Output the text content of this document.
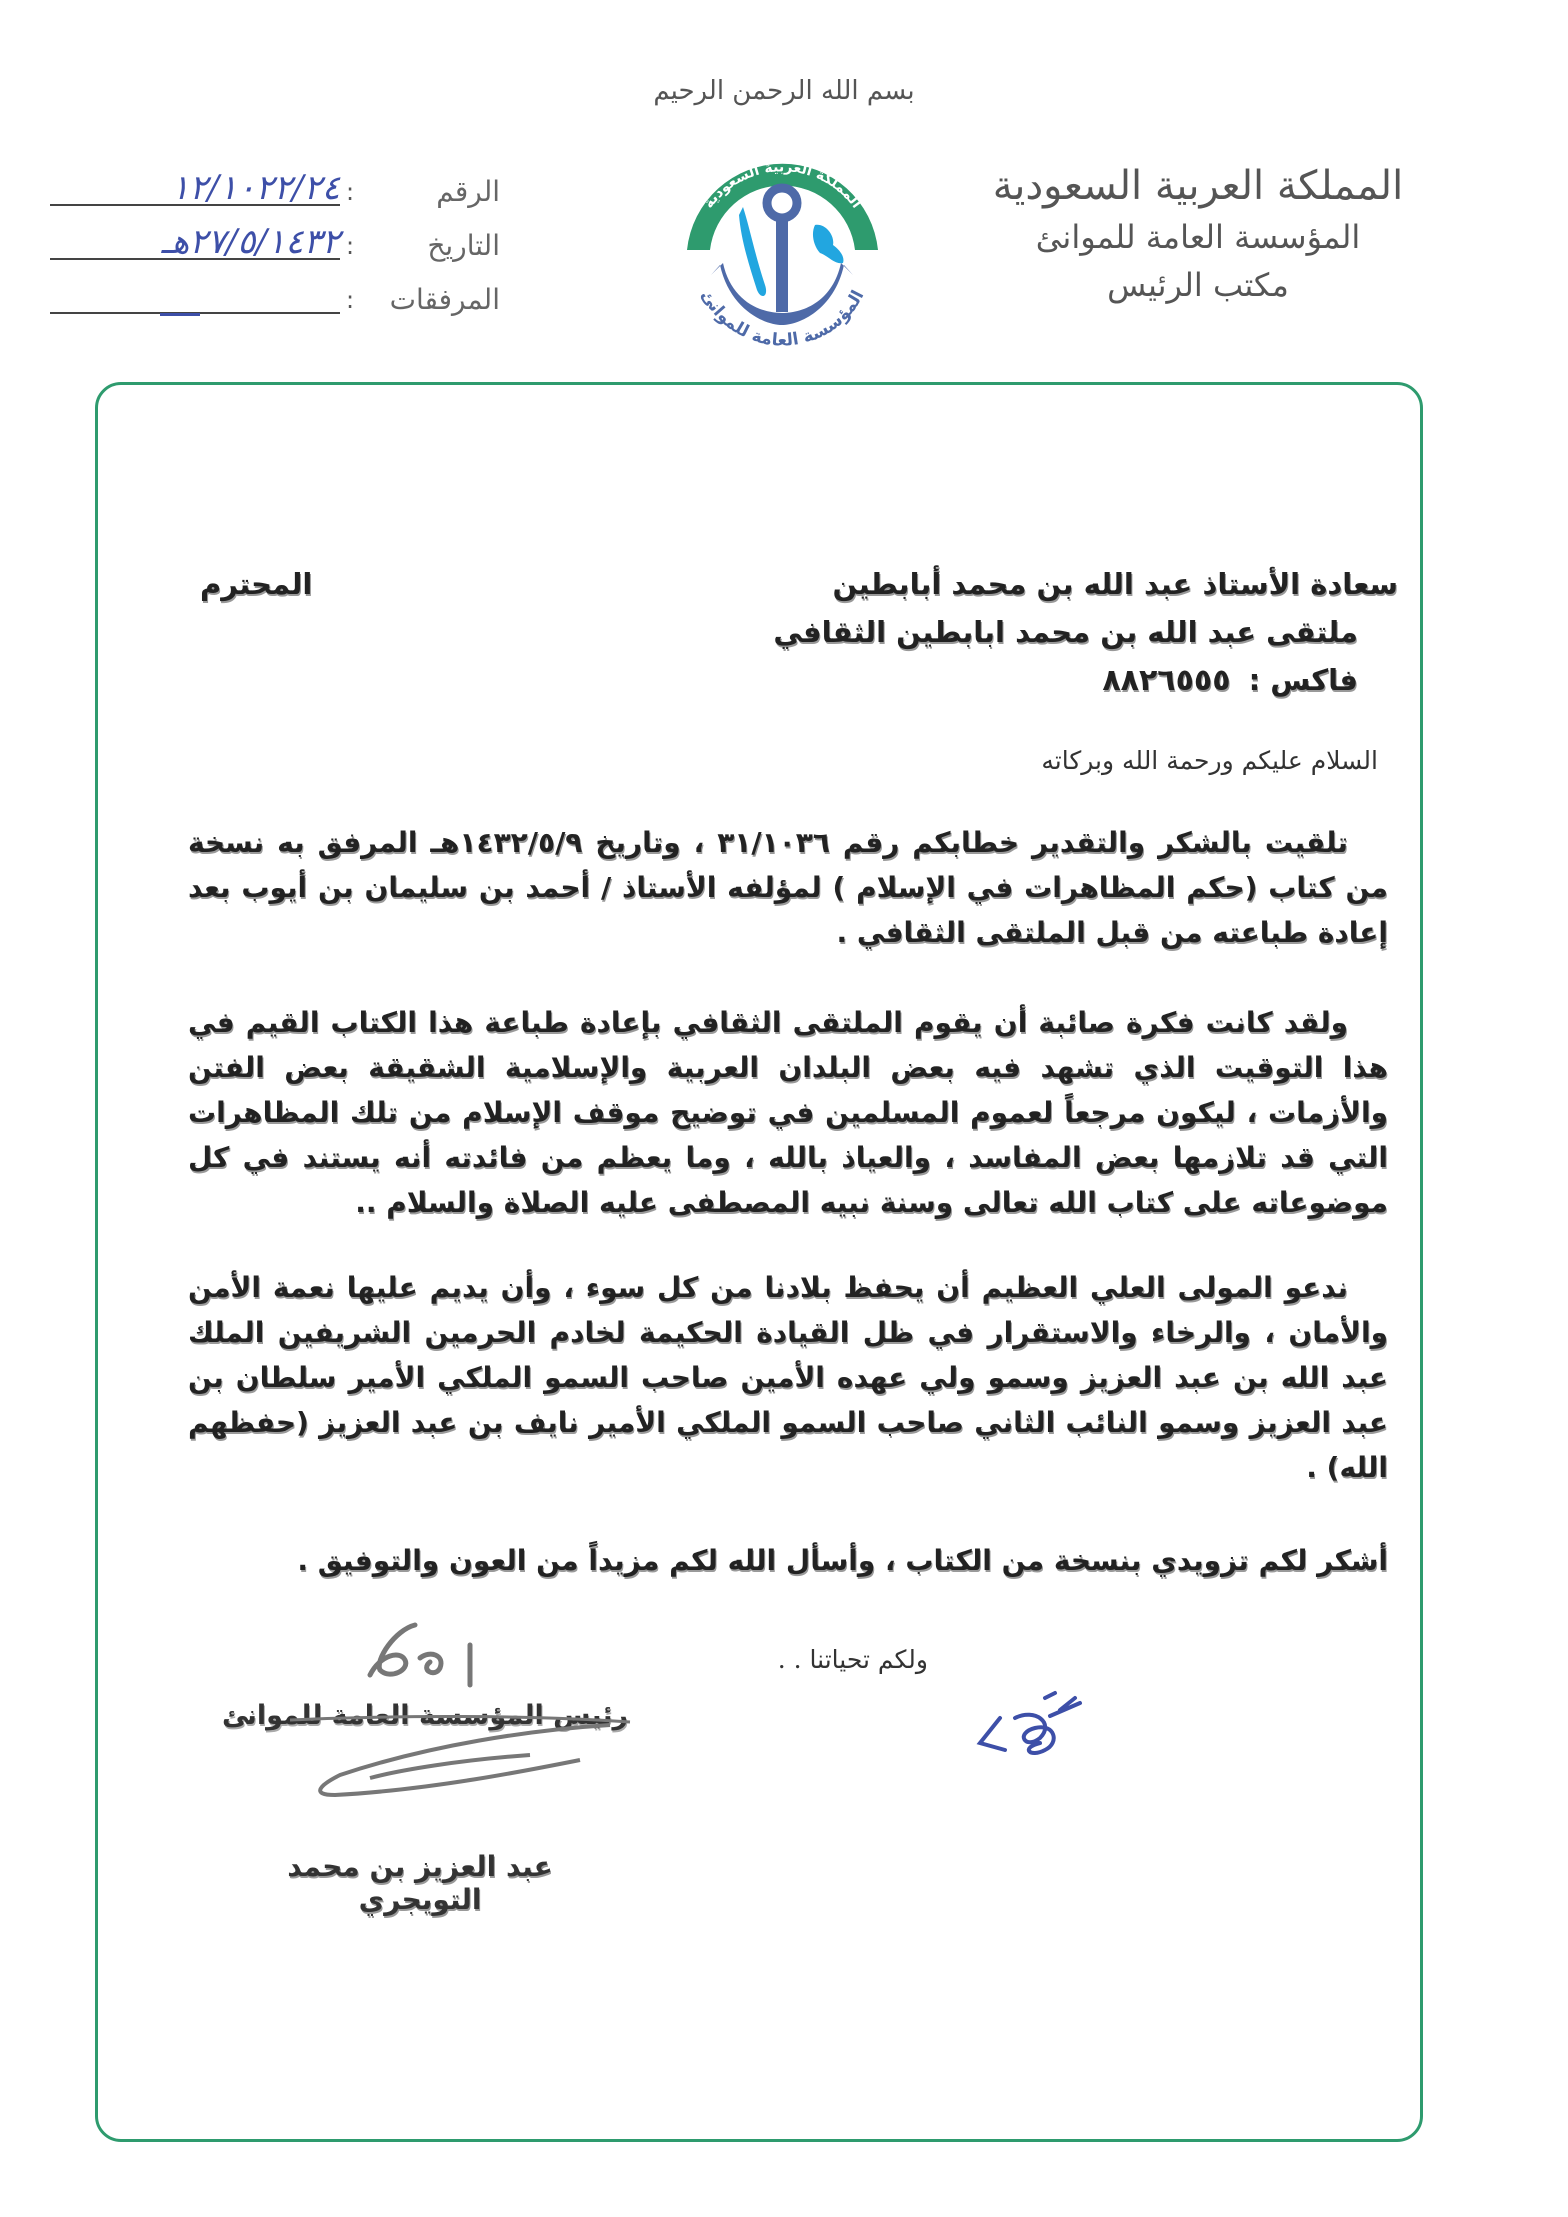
بسم الله الرحمن الرحيم
المملكة العربية السعودية
المؤسسة العامة للموانئ
مكتب الرئيس
المملكة العربية السعودية
المؤسسة العامة للموانئ
الرقم
:
١٢/١٠٢٢/٢٤
التاريخ
:
٢٧/٥/١٤٣٢هـ
المرفقات
:
سعادة الأستاذ عبد الله بن محمد أبابطين
ملتقى عبد الله بن محمد ابابطين الثقافي
فاكس :
٨٨٢٦٥٥٥
المحترم
السلام عليكم ورحمة الله وبركاته

تلقيت بالشكر والتقدير خطابكم رقم ٣١/١٠٣٦ ، وتاريخ ١٤٣٢/٥/٩هـ المرفق به نسخة من كتاب (حكم المظاهرات في الإسلام ) لمؤلفه الأستاذ / أحمد بن سليمان بن أيوب بعد إعادة طباعته من قبل الملتقى الثقافي .

ولقد كانت فكرة صائبة أن يقوم الملتقى الثقافي بإعادة طباعة هذا الكتاب القيم في هذا التوقيت الذي تشهد فيه بعض البلدان العربية والإسلامية الشقيقة بعض الفتن والأزمات ، ليكون مرجعاً لعموم المسلمين في توضيح موقف الإسلام من تلك المظاهرات التي قد تلازمها بعض المفاسد ، والعياذ بالله ، وما يعظم من فائدته أنه يستند في كل موضوعاته على كتاب الله تعالى وسنة نبيه المصطفى عليه الصلاة والسلام ..

ندعو المولى العلي العظيم أن يحفظ بلادنا من كل سوء ، وأن يديم عليها نعمة الأمن والأمان ، والرخاء والاستقرار في ظل القيادة الحكيمة لخادم الحرمين الشريفين الملك عبد الله بن عبد العزيز وسمو ولي عهده الأمين صاحب السمو الملكي الأمير سلطان بن عبد العزيز وسمو النائب الثاني صاحب السمو الملكي الأمير نايف بن عبد العزيز (حفظهم الله) .

أشكر لكم تزويدي بنسخة من الكتاب ، وأسأل الله لكم مزيداً من العون والتوفيق .

ولكم تحياتنا . .
رئيس المؤسسة العامة للموانئ
عبد العزيز بن محمد التويجري
